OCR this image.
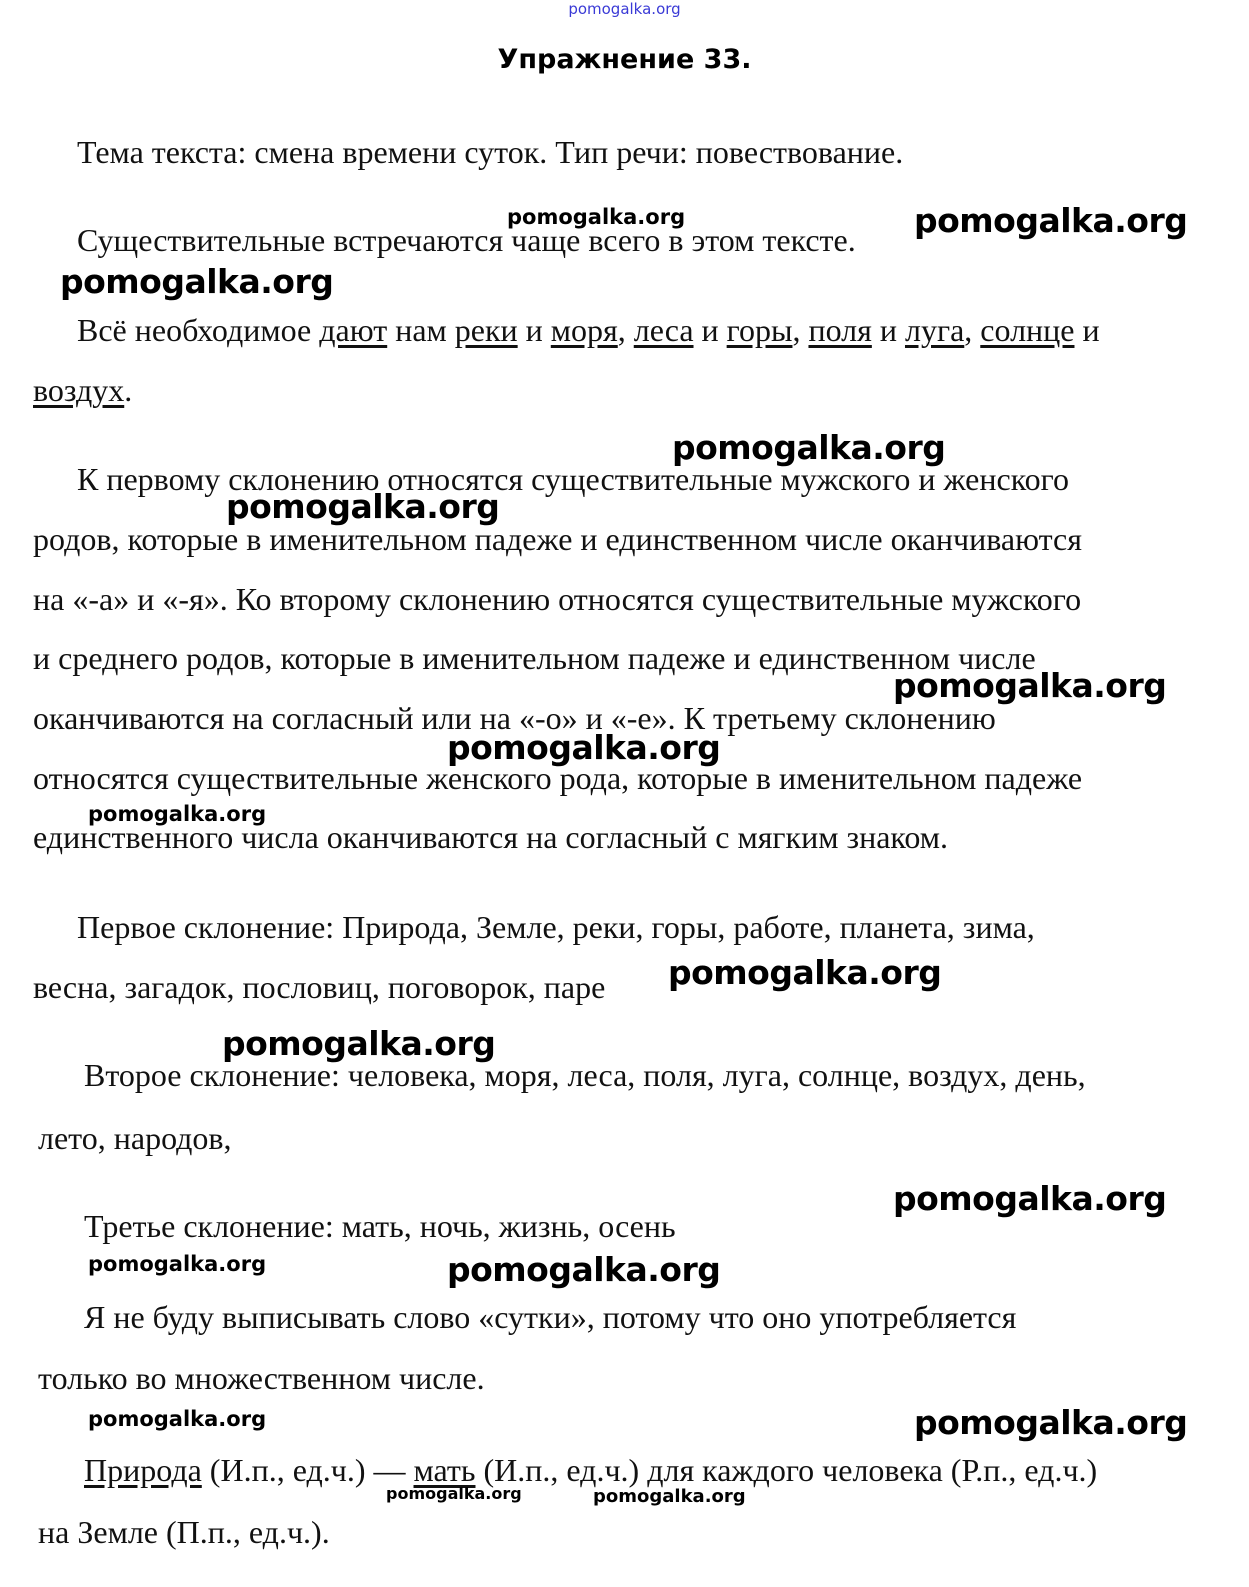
pomogalka.org
Упражнение 33.
Тема текста: смена времени суток. Тип речи: повествование.
Существительные встречаются чаще всего в этом тексте.
Всё необходимое дают нам реки и моря, леса и горы, поля и луга, солнце и
воздух.
К первому склонению относятся существительные мужского и женского
родов, которые в именительном падеже и единственном числе оканчиваются
на «-а» и «-я». Ко второму склонению относятся существительные мужского
и среднего родов, которые в именительном падеже и единственном числе
оканчиваются на согласный или на «-о» и «-е». К третьему склонению
относятся существительные женского рода, которые в именительном падеже
единственного числа оканчиваются на согласный с мягким знаком.
Первое склонение: Природа, Земле, реки, горы, работе, планета, зима,
весна, загадок, пословиц, поговорок, паре
Второе склонение: человека, моря, леса, поля, луга, солнце, воздух, день,
лето, народов,
Третье склонение: мать, ночь, жизнь, осень
Я не буду выписывать слово «сутки», потому что оно употребляется
только во множественном числе.
Природа (И.п., ед.ч.) — мать (И.п., ед.ч.) для каждого человека (Р.п., ед.ч.)
на Земле (П.п., ед.ч.).
pomogalka.org	pomogalka.org
pomogalka.org
pomogalka.org
pomogalka.org
pomogalka.org
pomogalka.org
pomogalka.org
pomogalka.org
pomogalka.org
pomogalka.org
pomogalka.org	pomogalka.org
pomogalka.org	pomogalka.org
pomogalka.org	pomogalka.org
